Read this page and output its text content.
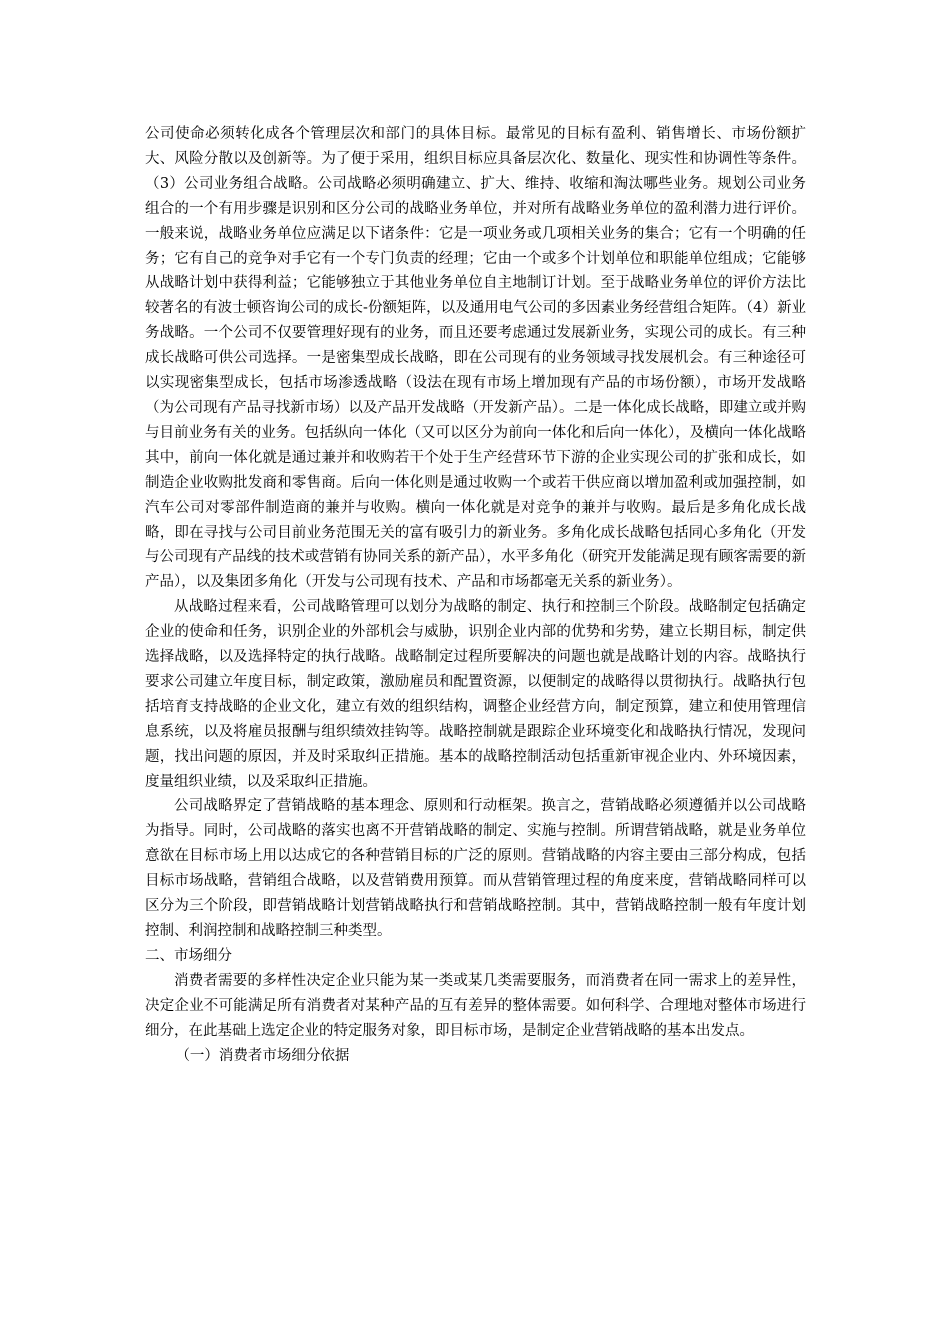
公司使命必须转化成各个管理层次和部门的具体目标。最常见的目标有盈利、销售增长、市场份额扩大、风险分散以及创新等。为了便于采用，组织目标应具备层次化、数量化、现实性和协调性等条件。（3）公司业务组合战略。公司战略必须明确建立、扩大、维持、收缩和淘汰哪些业务。规划公司业务组合的一个有用步骤是识别和区分公司的战略业务单位，并对所有战略业务单位的盈利潜力进行评价。一般来说，战略业务单位应满足以下诸条件：它是一项业务或几项相关业务的集合；它有一个明确的任务；它有自己的竞争对手它有一个专门负责的经理；它由一个或多个计划单位和职能单位组成；它能够从战略计划中获得利益；它能够独立于其他业务单位自主地制订计划。至于战略业务单位的评价方法比较著名的有波士顿咨询公司的成长-份额矩阵，以及通用电气公司的多因素业务经营组合矩阵。（4）新业务战略。一个公司不仅要管理好现有的业务，而且还要考虑通过发展新业务，实现公司的成长。有三种成长战略可供公司选择。一是密集型成长战略，即在公司现有的业务领域寻找发展机会。有三种途径可以实现密集型成长，包括市场渗透战略（设法在现有市场上增加现有产品的市场份额），市场开发战略（为公司现有产品寻找新市场）以及产品开发战略（开发新产品）。二是一体化成长战略，即建立或并购与目前业务有关的业务。包括纵向一体化（又可以区分为前向一体化和后向一体化），及横向一体化战略其中，前向一体化就是通过兼并和收购若干个处于生产经营环节下游的企业实现公司的扩张和成长，如制造企业收购批发商和零售商。后向一体化则是通过收购一个或若干供应商以增加盈利或加强控制，如汽车公司对零部件制造商的兼并与收购。横向一体化就是对竞争的兼并与收购。最后是多角化成长战略，即在寻找与公司目前业务范围无关的富有吸引力的新业务。多角化成长战略包括同心多角化（开发与公司现有产品线的技术或营销有协同关系的新产品），水平多角化（研究开发能满足现有顾客需要的新产品），以及集团多角化（开发与公司现有技术、产品和市场都毫无关系的新业务）。

从战略过程来看，公司战略管理可以划分为战略的制定、执行和控制三个阶段。战略制定包括确定企业的使命和任务，识别企业的外部机会与威胁，识别企业内部的优势和劣势，建立长期目标，制定供选择战略，以及选择特定的执行战略。战略制定过程所要解决的问题也就是战略计划的内容。战略执行要求公司建立年度目标，制定政策，激励雇员和配置资源，以便制定的战略得以贯彻执行。战略执行包括培育支持战略的企业文化，建立有效的组织结构，调整企业经营方向，制定预算，建立和使用管理信息系统，以及将雇员报酬与组织绩效挂钩等。战略控制就是跟踪企业环境变化和战略执行情况，发现问题，找出问题的原因，并及时采取纠正措施。基本的战略控制活动包括重新审视企业内、外环境因素，度量组织业绩，以及采取纠正措施。

公司战略界定了营销战略的基本理念、原则和行动框架。换言之，营销战略必须遵循并以公司战略为指导。同时，公司战略的落实也离不开营销战略的制定、实施与控制。所谓营销战略，就是业务单位意欲在目标市场上用以达成它的各种营销目标的广泛的原则。营销战略的内容主要由三部分构成，包括目标市场战略，营销组合战略，以及营销费用预算。而从营销管理过程的角度来度，营销战略同样可以区分为三个阶段，即营销战略计划营销战略执行和营销战略控制。其中，营销战略控制一般有年度计划控制、利润控制和战略控制三种类型。

二、市场细分

消费者需要的多样性决定企业只能为某一类或某几类需要服务，而消费者在同一需求上的差异性，决定企业不可能满足所有消费者对某种产品的互有差异的整体需要。如何科学、合理地对整体市场进行细分，在此基础上选定企业的特定服务对象，即目标市场，是制定企业营销战略的基本出发点。

（一）消费者市场细分依据
